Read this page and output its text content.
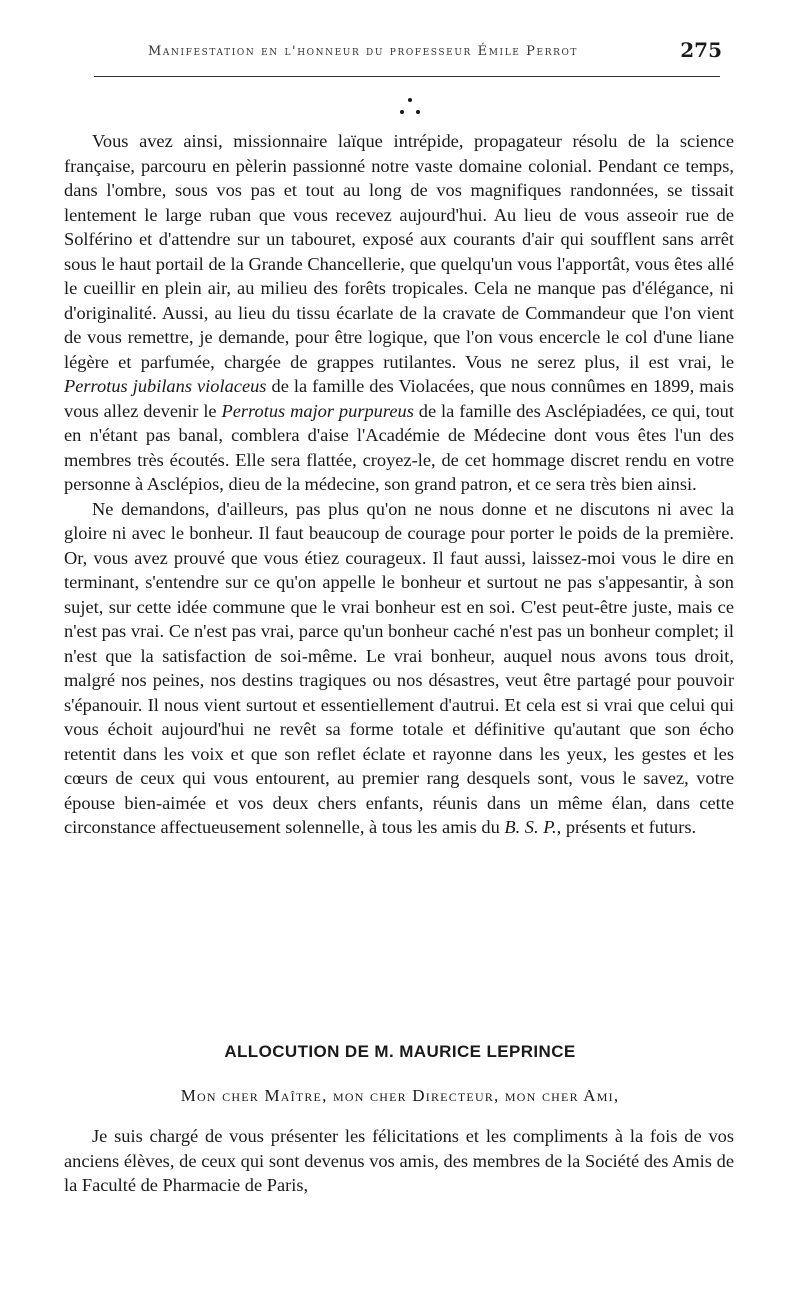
Manifestation en l'honneur du professeur Émile Perrot	275

Vous avez ainsi, missionnaire laïque intrépide, propagateur résolu de la science française, parcouru en pèlerin passionné notre vaste domaine colonial. Pendant ce temps, dans l'ombre, sous vos pas et tout au long de vos magnifiques randonnées, se tissait lentement le large ruban que vous recevez aujourd'hui. Au lieu de vous asseoir rue de Solférino et d'attendre sur un tabouret, exposé aux courants d'air qui soufflent sans arrêt sous le haut portail de la Grande Chancellerie, que quelqu'un vous l'apportât, vous êtes allé le cueillir en plein air, au milieu des forêts tropicales. Cela ne manque pas d'élégance, ni d'originalité. Aussi, au lieu du tissu écarlate de la cravate de Commandeur que l'on vient de vous remettre, je demande, pour être logique, que l'on vous encercle le col d'une liane légère et parfumée, chargée de grappes rutilantes. Vous ne serez plus, il est vrai, le Perrotus jubilans violaceus de la famille des Violacées, que nous connûmes en 1899, mais vous allez devenir le Perrotus major purpureus de la famille des Asclépiadées, ce qui, tout en n'étant pas banal, comblera d'aise l'Académie de Médecine dont vous êtes l'un des membres très écoutés. Elle sera flattée, croyez-le, de cet hommage discret rendu en votre personne à Asclépios, dieu de la médecine, son grand patron, et ce sera très bien ainsi.

Ne demandons, d'ailleurs, pas plus qu'on ne nous donne et ne discutons ni avec la gloire ni avec le bonheur. Il faut beaucoup de courage pour porter le poids de la première. Or, vous avez prouvé que vous étiez courageux. Il faut aussi, laissez-moi vous le dire en terminant, s'entendre sur ce qu'on appelle le bonheur et surtout ne pas s'appesantir, à son sujet, sur cette idée commune que le vrai bonheur est en soi. C'est peut-être juste, mais ce n'est pas vrai. Ce n'est pas vrai, parce qu'un bonheur caché n'est pas un bonheur complet; il n'est que la satisfaction de soi-même. Le vrai bonheur, auquel nous avons tous droit, malgré nos peines, nos destins tragiques ou nos désastres, veut être partagé pour pouvoir s'épanouir. Il nous vient surtout et essentiellement d'autrui. Et cela est si vrai que celui qui vous échoit aujourd'hui ne revêt sa forme totale et définitive qu'autant que son écho retentit dans les voix et que son reflet éclate et rayonne dans les yeux, les gestes et les cœurs de ceux qui vous entourent, au premier rang desquels sont, vous le savez, votre épouse bien-aimée et vos deux chers enfants, réunis dans un même élan, dans cette circonstance affectueusement solennelle, à tous les amis du B. S. P., présents et futurs.

ALLOCUTION DE M. MAURICE LEPRINCE
Mon cher Maître, mon cher Directeur, mon cher Ami,

Je suis chargé de vous présenter les félicitations et les compliments à la fois de vos anciens élèves, de ceux qui sont devenus vos amis, des membres de la Société des Amis de la Faculté de Pharmacie de Paris,
